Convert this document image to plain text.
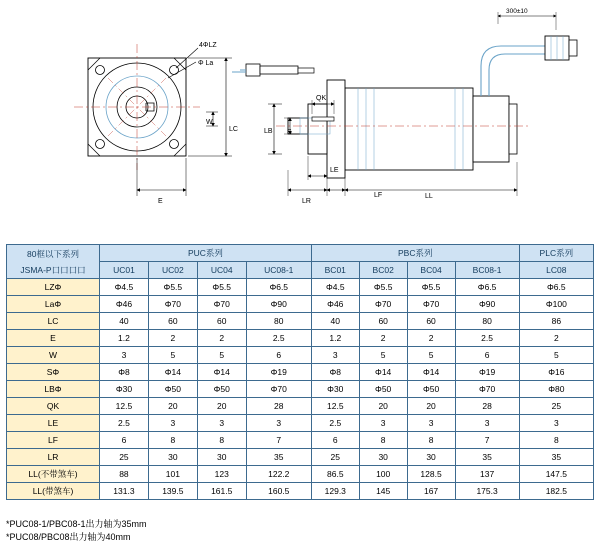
4ΦLZ
Φ La
LC
W
E
QK
LB S
LR
LE
LF	LL
300±10
80框以下系列
JSMA-P口口口口	PUC系列				PBC系列				PLC系列
	UC01	UC02	UC04	UC08-1	BC01	BC02	BC04	BC08-1	LC08
LZΦ	Φ4.5	Φ5.5	Φ5.5	Φ6.5	Φ4.5	Φ5.5	Φ5.5	Φ6.5	Φ6.5
LaΦ	Φ46	Φ70	Φ70	Φ90	Φ46	Φ70	Φ70	Φ90	Φ100
LC	40	60	60	80	40	60	60	80	86
E	1.2	2	2	2.5	1.2	2	2	2.5	2
W	3	5	5	6	3	5	5	6	5
SΦ	Φ8	Φ14	Φ14	Φ19	Φ8	Φ14	Φ14	Φ19	Φ16
LBΦ	Φ30	Φ50	Φ50	Φ70	Φ30	Φ50	Φ50	Φ70	Φ80
QK	12.5	20	20	28	12.5	20	20	28	25
LE	2.5	3	3	3	2.5	3	3	3	3
LF	6	8	8	7	6	8	8	7	8
LR	25	30	30	35	25	30	30	35	35
LL(不带煞车)	88	101	123	122.2	86.5	100	128.5	137	147.5
LL(带煞车)	131.3	139.5	161.5	160.5	129.3	145	167	175.3	182.5
*PUC08-1/PBC08-1出力轴为35mm
*PUC08/PBC08出力轴为40mm
